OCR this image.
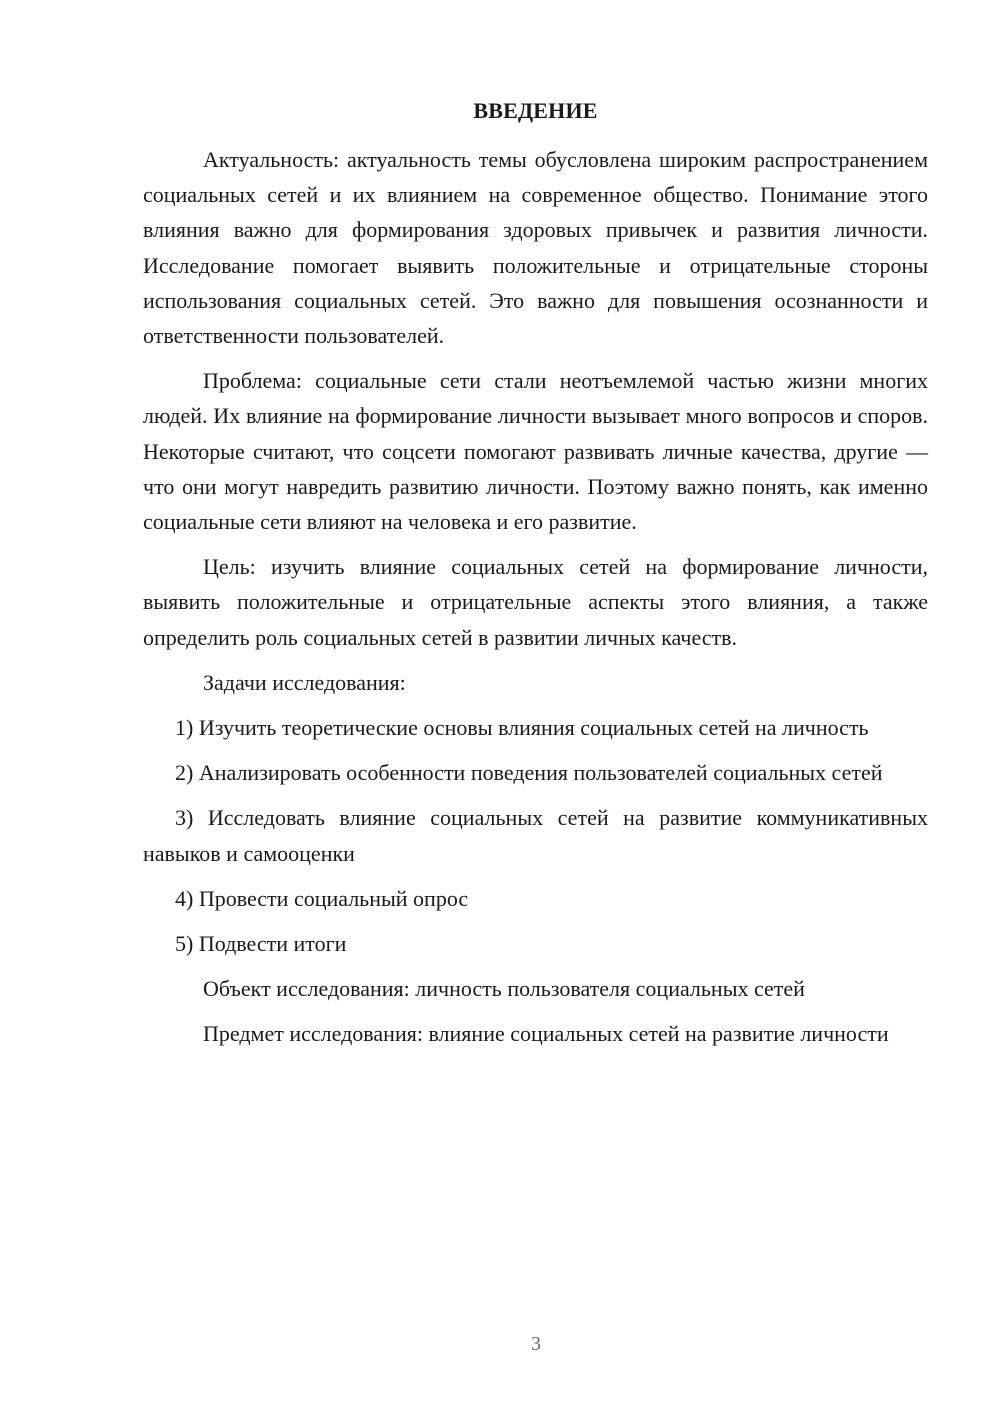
ВВЕДЕНИЕ

Актуальность: актуальность темы обусловлена широким распространением социальных сетей и их влиянием на современное общество. Понимание этого влияния важно для формирования здоровых привычек и развития личности. Исследование помогает выявить положительные и отрицательные стороны использования социальных сетей. Это важно для повышения осознанности и ответственности пользователей.

Проблема: социальные сети стали неотъемлемой частью жизни многих людей. Их влияние на формирование личности вызывает много вопросов и споров. Некоторые считают, что соцсети помогают развивать личные качества, другие — что они могут навредить развитию личности. Поэтому важно понять, как именно социальные сети влияют на человека и его развитие.

Цель: изучить влияние социальных сетей на формирование личности, выявить положительные и отрицательные аспекты этого влияния, а также определить роль социальных сетей в развитии личных качеств.

Задачи исследования:

1) Изучить теоретические основы влияния социальных сетей на личность

2) Анализировать особенности поведения пользователей социальных сетей

3) Исследовать влияние социальных сетей на развитие коммуникативных навыков и самооценки

4) Провести социальный опрос

5) Подвести итоги

Объект исследования: личность пользователя социальных сетей

Предмет исследования: влияние социальных сетей на развитие личности

3
